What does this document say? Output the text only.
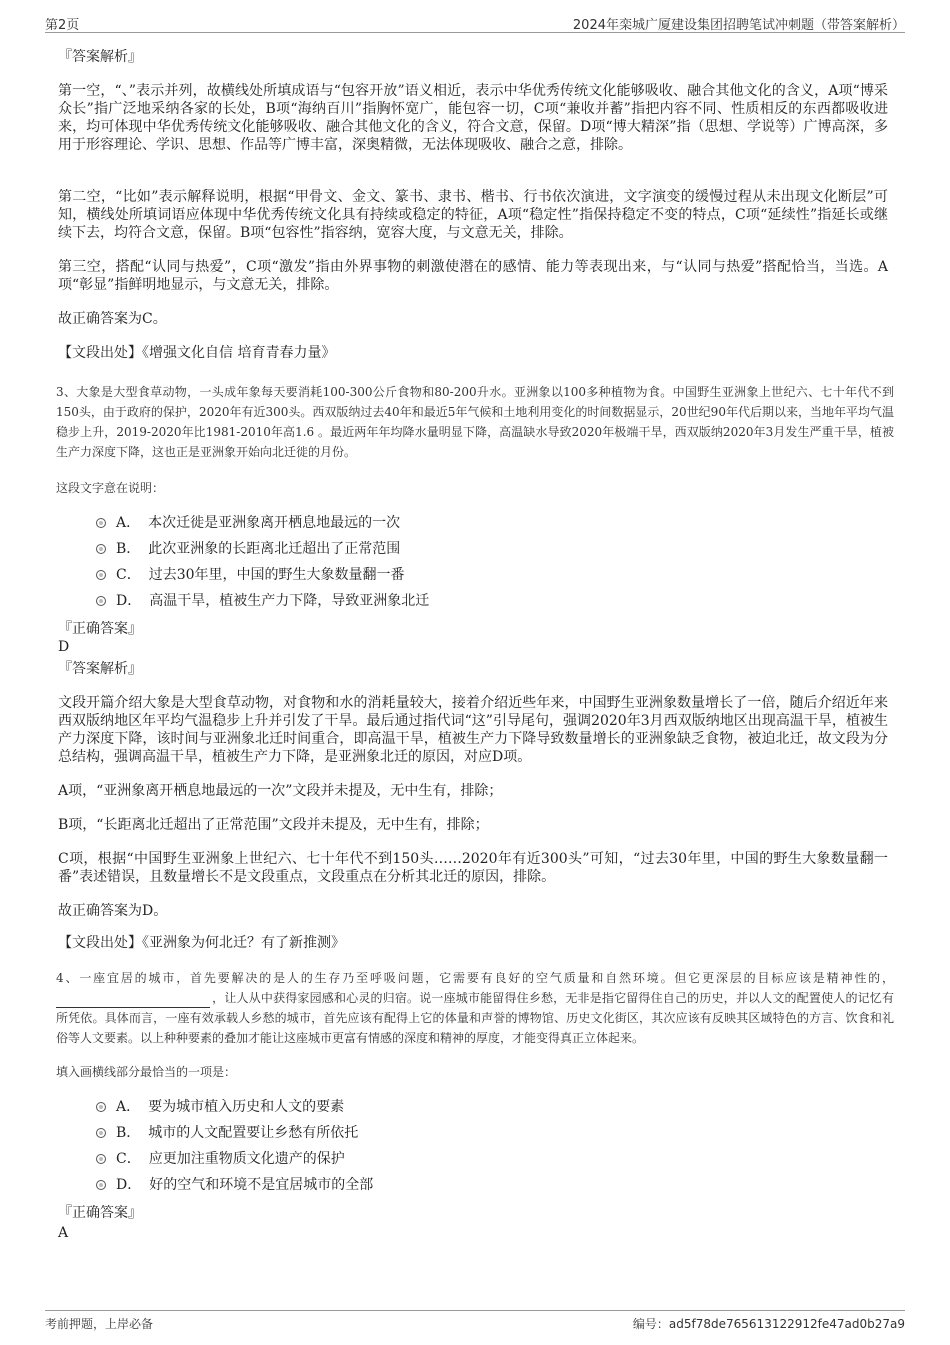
第2页	2024年栾城广厦建设集团招聘笔试冲刺题（带答案解析）
『答案解析』

第一空，“、”表示并列，故横线处所填成语与“包容开放”语义相近，表示中华优秀传统文化能够吸收、融合其他文化的含义，A项“博采众长”指广泛地采纳各家的长处，B项“海纳百川”指胸怀宽广，能包容一切，C项“兼收并蓄”指把内容不同、性质相反的东西都吸收进来，均可体现中华优秀传统文化能够吸收、融合其他文化的含义，符合文意，保留。D项“博大精深”指（思想、学说等）广博高深，多用于形容理论、学识、思想、作品等广博丰富，深奥精微，无法体现吸收、融合之意，排除。

第二空，“比如”表示解释说明，根据“甲骨文、金文、篆书、隶书、楷书、行书依次演进，文字演变的缓慢过程从未出现文化断层”可知，横线处所填词语应体现中华优秀传统文化具有持续或稳定的特征，A项“稳定性”指保持稳定不变的特点，C项“延续性”指延长或继续下去，均符合文意，保留。B项“包容性”指容纳，宽容大度，与文意无关，排除。

第三空，搭配“认同与热爱”，C项“激发”指由外界事物的刺激使潜在的感情、能力等表现出来，与“认同与热爱”搭配恰当，当选。A项“彰显”指鲜明地显示，与文意无关，排除。

故正确答案为C。

【文段出处】《增强文化自信 培育青春力量》

3、大象是大型食草动物，一头成年象每天要消耗100-300公斤食物和80-200升水。亚洲象以100多种植物为食。中国野生亚洲象上世纪六、七十年代不到150头，由于政府的保护，2020年有近300头。西双版纳过去40年和最近5年气候和土地利用变化的时间数据显示，20世纪90年代后期以来，当地年平均气温稳步上升，2019-2020年比1981-2010年高1.6 。最近两年年均降水量明显下降，高温缺水导致2020年极端干旱，西双版纳2020年3月发生严重干旱，植被生产力深度下降，这也正是亚洲象开始向北迁徙的月份。

这段文字意在说明：

A． 本次迁徙是亚洲象离开栖息地最远的一次
B． 此次亚洲象的长距离北迁超出了正常范围
C． 过去30年里，中国的野生大象数量翻一番
D． 高温干旱，植被生产力下降，导致亚洲象北迁
『正确答案』
D
『答案解析』

文段开篇介绍大象是大型食草动物，对食物和水的消耗量较大，接着介绍近些年来，中国野生亚洲象数量增长了一倍，随后介绍近年来西双版纳地区年平均气温稳步上升并引发了干旱。最后通过指代词“这”引导尾句，强调2020年3月西双版纳地区出现高温干旱，植被生产力深度下降，该时间与亚洲象北迁时间重合，即高温干旱，植被生产力下降导致数量增长的亚洲象缺乏食物，被迫北迁，故文段为分总结构，强调高温干旱，植被生产力下降，是亚洲象北迁的原因，对应D项。

A项，“亚洲象离开栖息地最远的一次”文段并未提及，无中生有，排除；

B项，“长距离北迁超出了正常范围”文段并未提及，无中生有，排除；

C项，根据“中国野生亚洲象上世纪六、七十年代不到150头……2020年有近300头”可知，“过去30年里，中国的野生大象数量翻一番”表述错误，且数量增长不是文段重点，文段重点在分析其北迁的原因，排除。

故正确答案为D。

【文段出处】《亚洲象为何北迁？有了新推测》

4、一座宜居的城市，首先要解决的是人的生存乃至呼吸问题，它需要有良好的空气质量和自然环境。但它更深层的目标应该是精神性的，，让人从中获得家园感和心灵的归宿。说一座城市能留得住乡愁，无非是指它留得住自己的历史，并以人文的配置使人的记忆有所凭依。具体而言，一座有效承载人乡愁的城市，首先应该有配得上它的体量和声誉的博物馆、历史文化街区，其次应该有反映其区域特色的方言、饮食和礼俗等人文要素。以上种种要素的叠加才能让这座城市更富有情感的深度和精神的厚度，才能变得真正立体起来。

填入画横线部分最恰当的一项是：

A． 要为城市植入历史和人文的要素
B． 城市的人文配置要让乡愁有所依托
C． 应更加注重物质文化遗产的保护
D． 好的空气和环境不是宜居城市的全部
『正确答案』
A
考前押题，上岸必备	编号：ad5f78de765613122912fe47ad0b27a9
